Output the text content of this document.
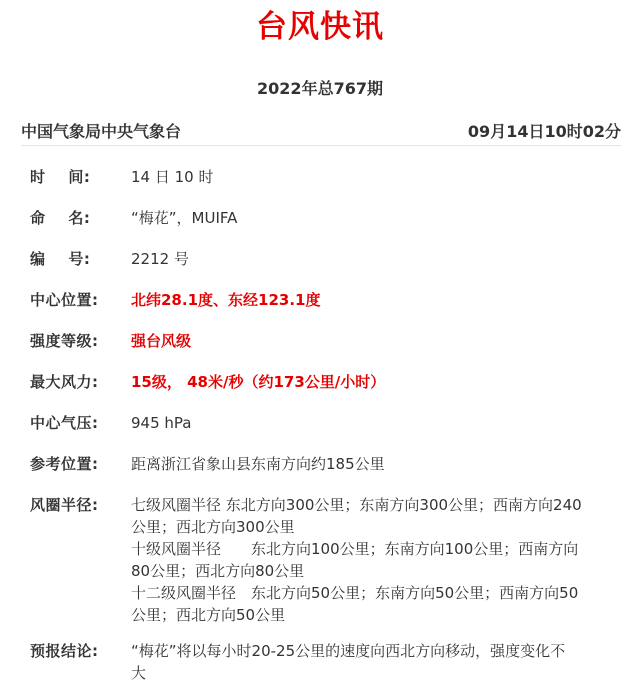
台风快讯
2022年总767期
中国气象局中央气象台	09月14日10时02分
时    间:	14 日 10 时
命    名:	“梅花”，MUIFA
编    号:	2212 号
中心位置:	北纬28.1度、东经123.1度
强度等级:	强台风级
最大风力:	15级， 48米/秒（约173公里/小时）
中心气压:	945 hPa
参考位置:	距离浙江省象山县东南方向约185公里
风圈半径:	七级风圈半径 东北方向300公里；东南方向300公里；西南方向240
公里；西北方向300公里
十级风圈半径　　东北方向100公里；东南方向100公里；西南方向
80公里；西北方向80公里
十二级风圈半径　东北方向50公里；东南方向50公里；西南方向50
公里；西北方向50公里
预报结论:	“梅花”将以每小时20-25公里的速度向西北方向移动，强度变化不
大
